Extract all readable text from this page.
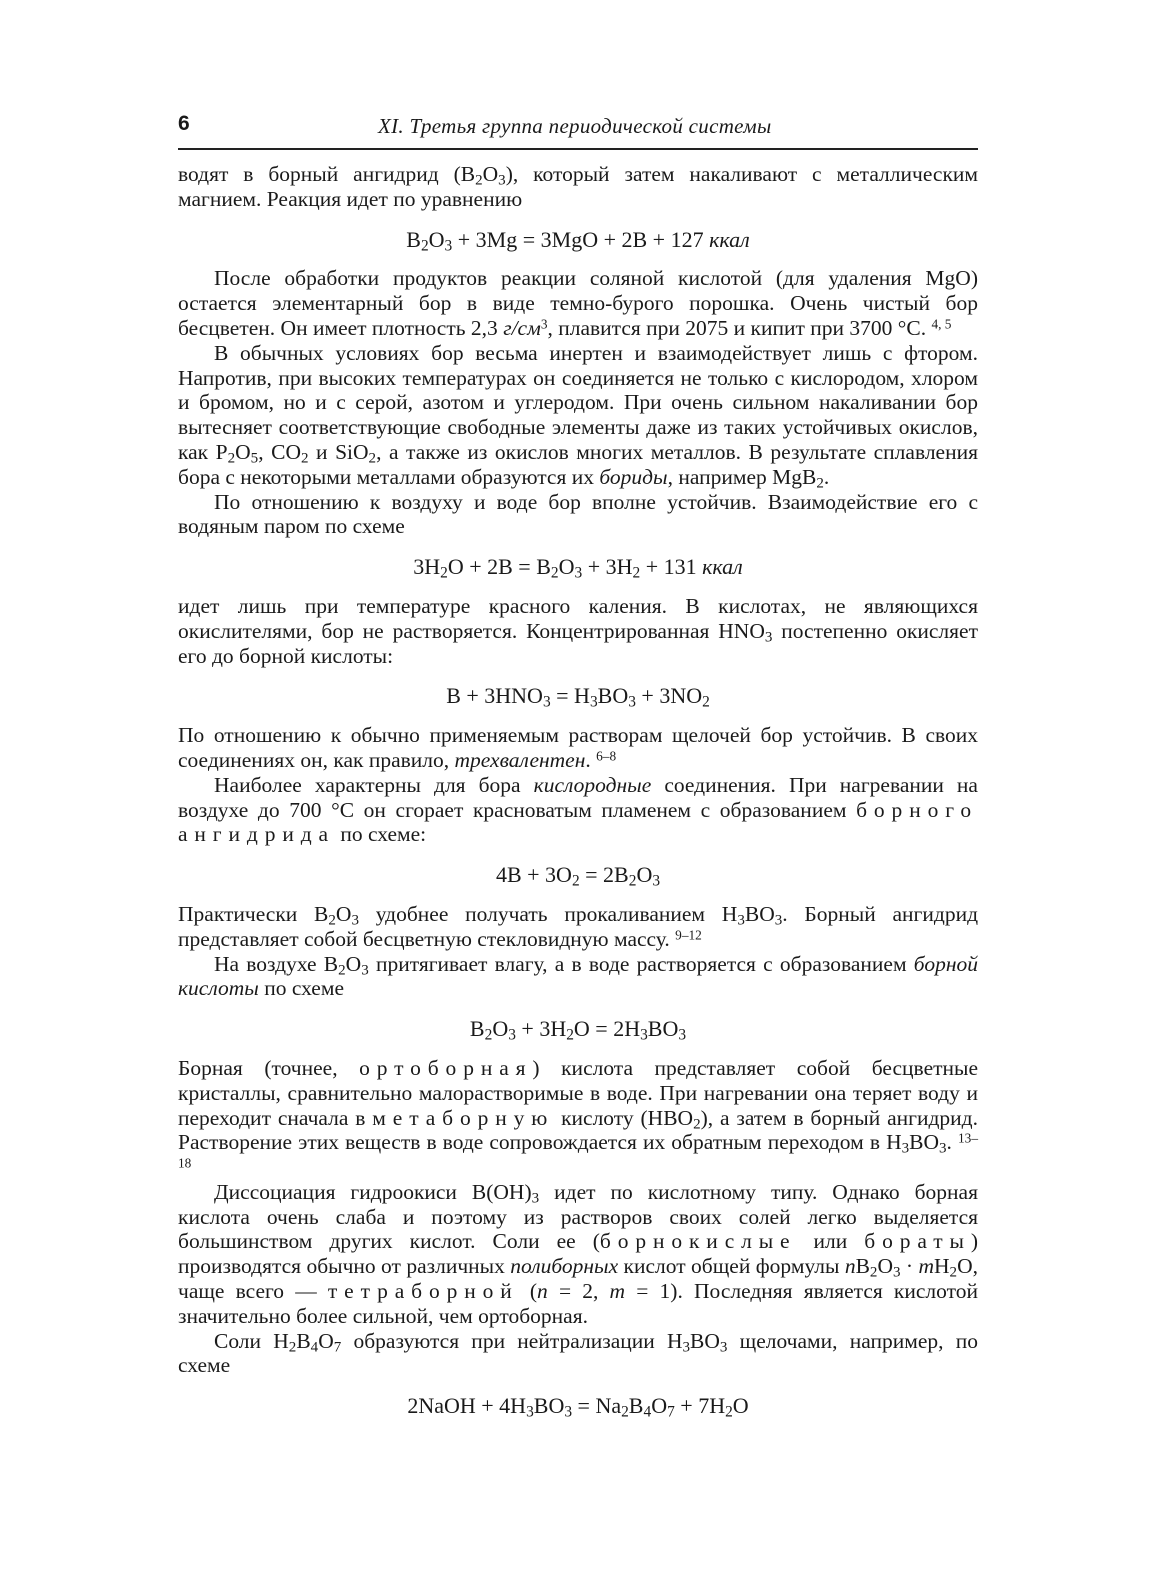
6	XI. Третья группа периодической системы

водят в борный ангидрид $(B_2O_3)$, который затем накаливают с металлическим магнием. Реакция идет по уравнению

$B_2O_3 + 3Mg = 3MgO + 2B + 127$ ккал

После обработки продуктов реакции соляной кислотой (для удаления MgO) остается элементарный бор в виде темно-бурого порошка. Очень чистый бор бесцветен. Он имеет плотность 2,3 $г/см^3$, плавится при 2075 и кипит при 3700 °C. $^{4, 5}$

В обычных условиях бор весьма инертен и взаимодействует лишь с фтором. Напротив, при высоких температурах он соединяется не только с кислородом, хлором и бромом, но и с серой, азотом и углеродом. При очень сильном накаливании бор вытесняет соответствующие свободные элементы даже из таких устойчивых окислов, как $P_2O_5$, $CO_2$ и SiO$_2$, а также из окислов многих металлов. В результате сплавления бора с некоторыми металлами образуются их бориды, например MgB$_2$.

По отношению к воздуху и воде бор вполне устойчив. Взаимодействие его с водяным паром по схеме

$3H_2O + 2B = B_2O_3 + 3H_2 + 131$ ккал

идет лишь при температуре красного каления. В кислотах, не являющихся окислителями, бор не растворяется. Концентрированная $HNO_3$ постепенно окисляет его до борной кислоты:

$B + 3HNO_3 = H_3BO_3 + 3NO_2$

По отношению к обычно применяемым растворам щелочей бор устойчив. В своих соединениях он, как правило, трехвалентен. $^{6-8}$

Наиболее характерны для бора кислородные соединения. При нагревании на воздухе до 700 °C он сгорает красноватым пламенем с образованием борного ангидрида по схеме:

$4B + 3O_2 = 2B_2O_3$

Практически $B_2O_3$ удобнее получать прокаливанием $H_3BO_3$. Борный ангидрид представляет собой бесцветную стекловидную массу. $^{9-12}$

На воздухе $B_2O_3$ притягивает влагу, а в воде растворяется с образованием борной кислоты по схеме

$B_2O_3 + 3H_2O = 2H_3BO_3$

Борная (точнее, ортоборная) кислота представляет собой бесцветные кристаллы, сравнительно малорастворимые в воде. При нагревании она теряет воду и переходит сначала в метаборную кислоту $(HBO_2)$, а затем в борный ангидрид. Растворение этих веществ в воде сопровождается их обратным переходом в $H_3BO_3$. $^{13-18}$

Диссоциация гидроокиси $B(OH)_3$ идет по кислотному типу. Однако борная кислота очень слаба и поэтому из растворов своих солей легко выделяется большинством других кислот. Соли ее (борнокислые или бораты) производятся обычно от различных полиборных кислот общей формулы $nB_2O_3 \cdot mH_2O$, чаще всего — тетраборной (n = 2, m = 1). Последняя является кислотой значительно более сильной, чем ортоборная.

Соли $H_2B_4O_7$ образуются при нейтрализации $H_3BO_3$ щелочами, например, по схеме

2NaOH + $4H_3BO_3 = Na_2B_4O_7 + 7H_2O$
